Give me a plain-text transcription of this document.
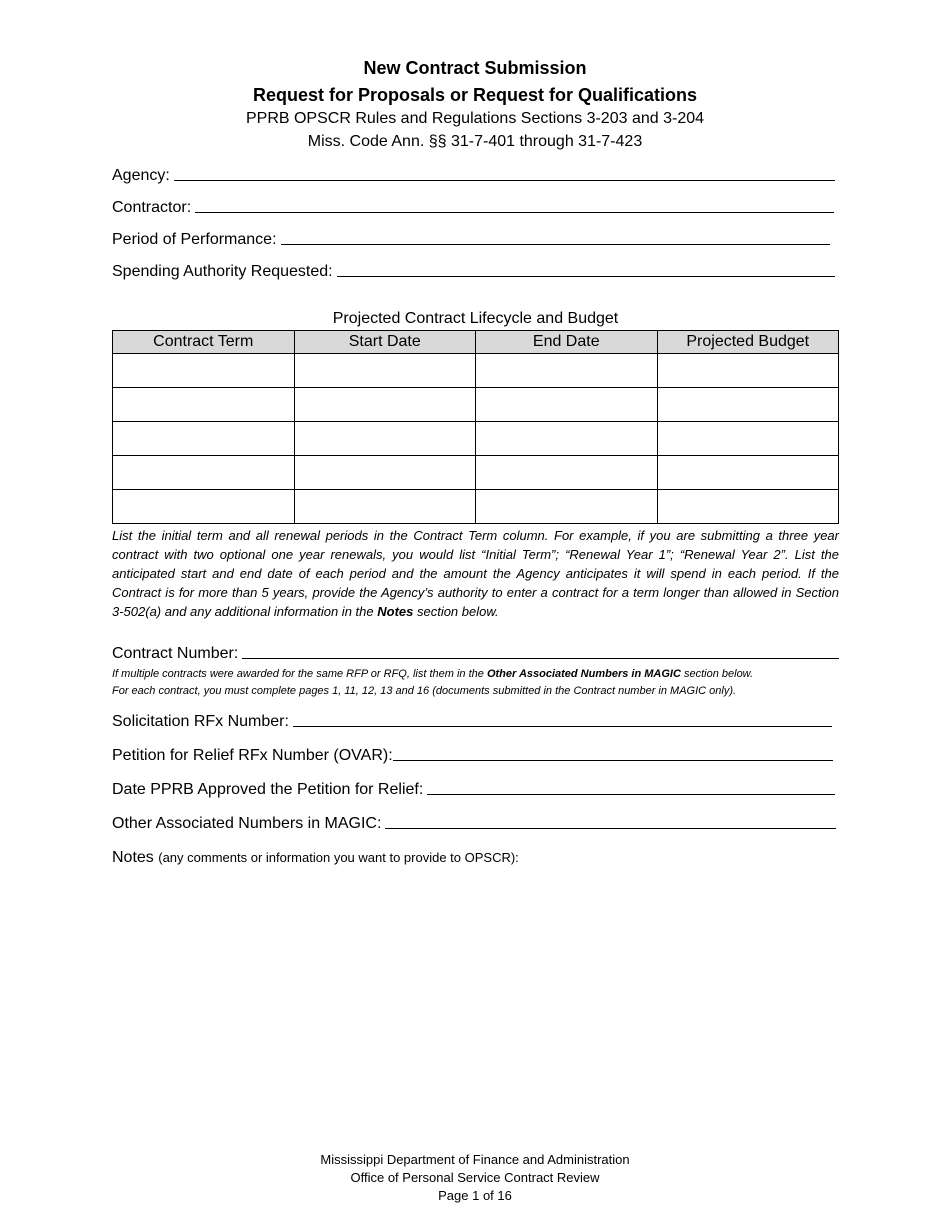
New Contract Submission
Request for Proposals or Request for Qualifications
PPRB OPSCR Rules and Regulations Sections 3-203 and 3-204
Miss. Code Ann. §§ 31-7-401 through 31-7-423
Agency:
Contractor:
Period of Performance:
Spending Authority Requested:
Projected Contract Lifecycle and Budget
Contract Term	Start Date	End Date	Projected Budget

List the initial term and all renewal periods in the Contract Term column. For example, if you are submitting a three year contract with two optional one year renewals, you would list “Initial Term”; “Renewal Year 1”; “Renewal Year 2”. List the anticipated start and end date of each period and the amount the Agency anticipates it will spend in each period. If the Contract is for more than 5 years, provide the Agency’s authority to enter a contract for a term longer than allowed in Section 3-502(a) and any additional information in the Notes section below.
Contract Number:
If multiple contracts were awarded for the same RFP or RFQ, list them in the Other Associated Numbers in MAGIC section below.
For each contract, you must complete pages 1, 11, 12, 13 and 16 (documents submitted in the Contract number in MAGIC only).
Solicitation RFx Number:
Petition for Relief RFx Number (OVAR):
Date PPRB Approved the Petition for Relief:
Other Associated Numbers in MAGIC:
Notes (any comments or information you want to provide to OPSCR):
Mississippi Department of Finance and Administration
Office of Personal Service Contract Review
Page 1 of 16
